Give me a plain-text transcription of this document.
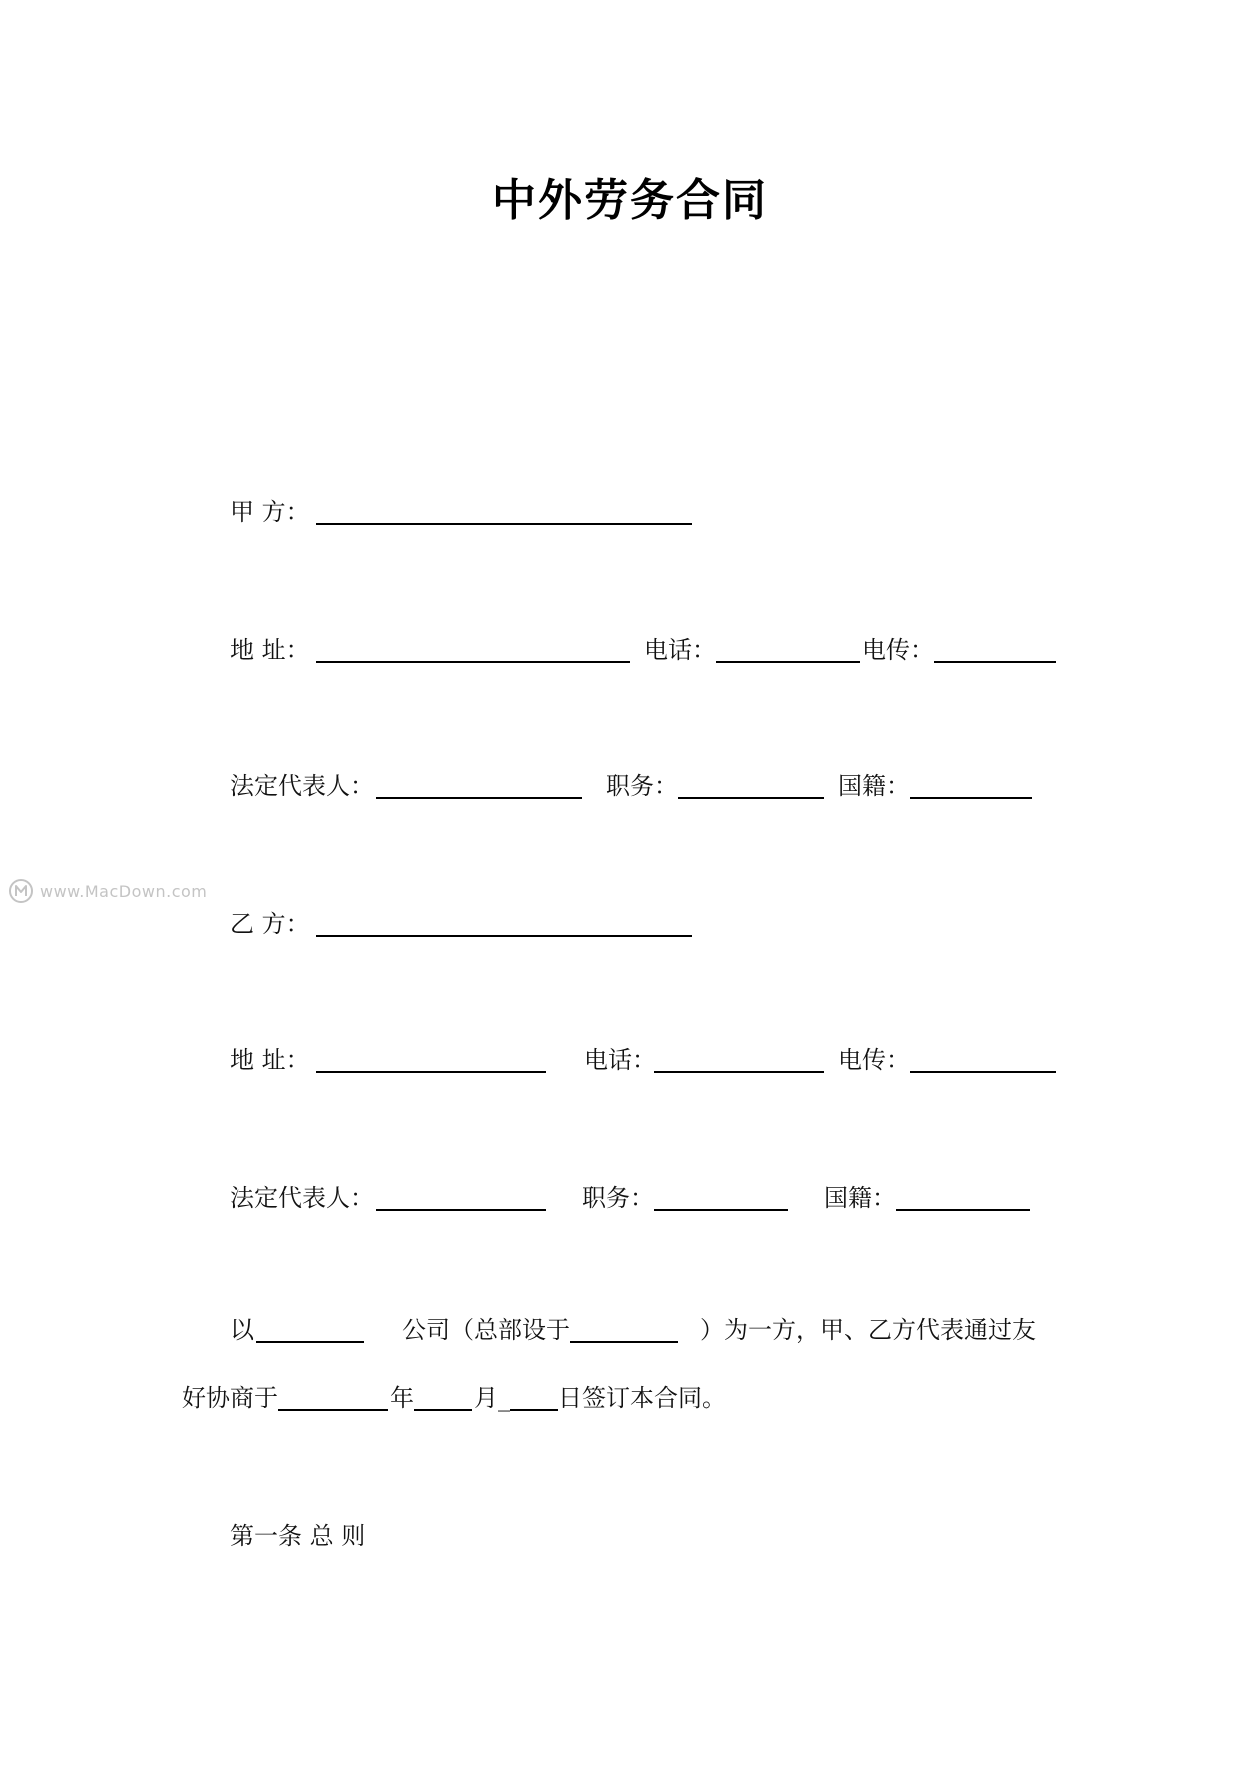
中外劳务合同
甲 方：
地 址：	电话：	电传：
法定代表人：	职务：	国籍：
乙 方：
地 址：	电话：	电传：
法定代表人：	职务：	国籍：
以	公司（总部设于	）为一方，甲、乙方代表通过友
好协商于	年	月_ 日签订本合同。
第一条 总 则
www.MacDown.com
